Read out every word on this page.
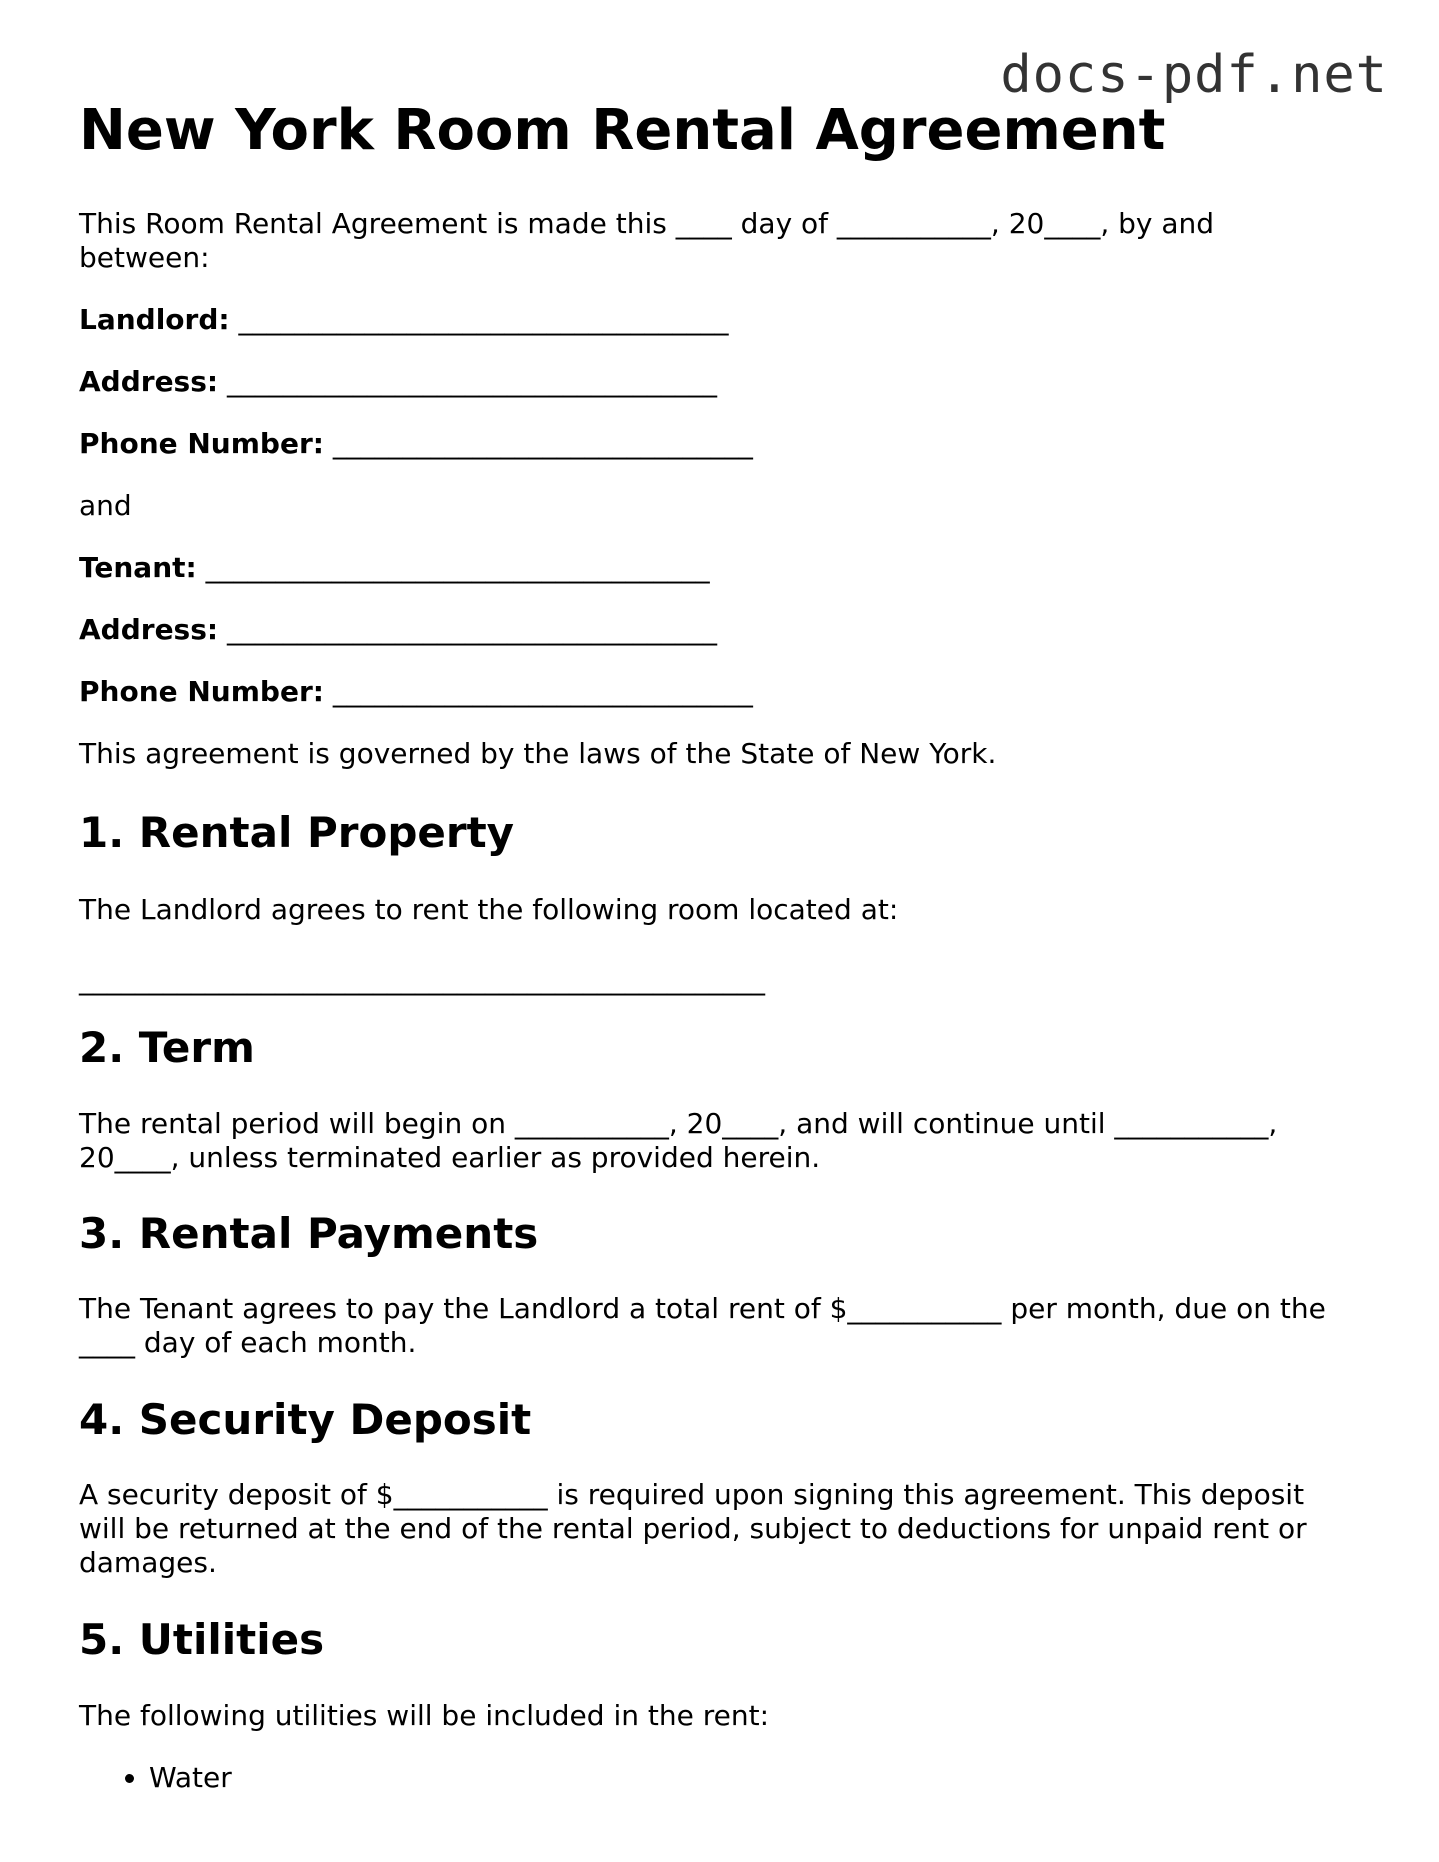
docs-pdf.net
New York Room Rental Agreement

This Room Rental Agreement is made this ____ day of ___________, 20____, by and between:

Landlord: ___________________________________

Address: ___________________________________

Phone Number: ______________________________

and

Tenant: ____________________________________

Address: ___________________________________

Phone Number: ______________________________

This agreement is governed by the laws of the State of New York.

1. Rental Property

The Landlord agrees to rent the following room located at:

_________________________________________________

2. Term

The rental period will begin on ___________, 20____, and will continue until ___________, 20____, unless terminated earlier as provided herein.

3. Rental Payments

The Tenant agrees to pay the Landlord a total rent of $___________ per month, due on the ____ day of each month.

4. Security Deposit

A security deposit of $___________ is required upon signing this agreement. This deposit will be returned at the end of the rental period, subject to deductions for unpaid rent or damages.

5. Utilities

The following utilities will be included in the rent:

• Water
